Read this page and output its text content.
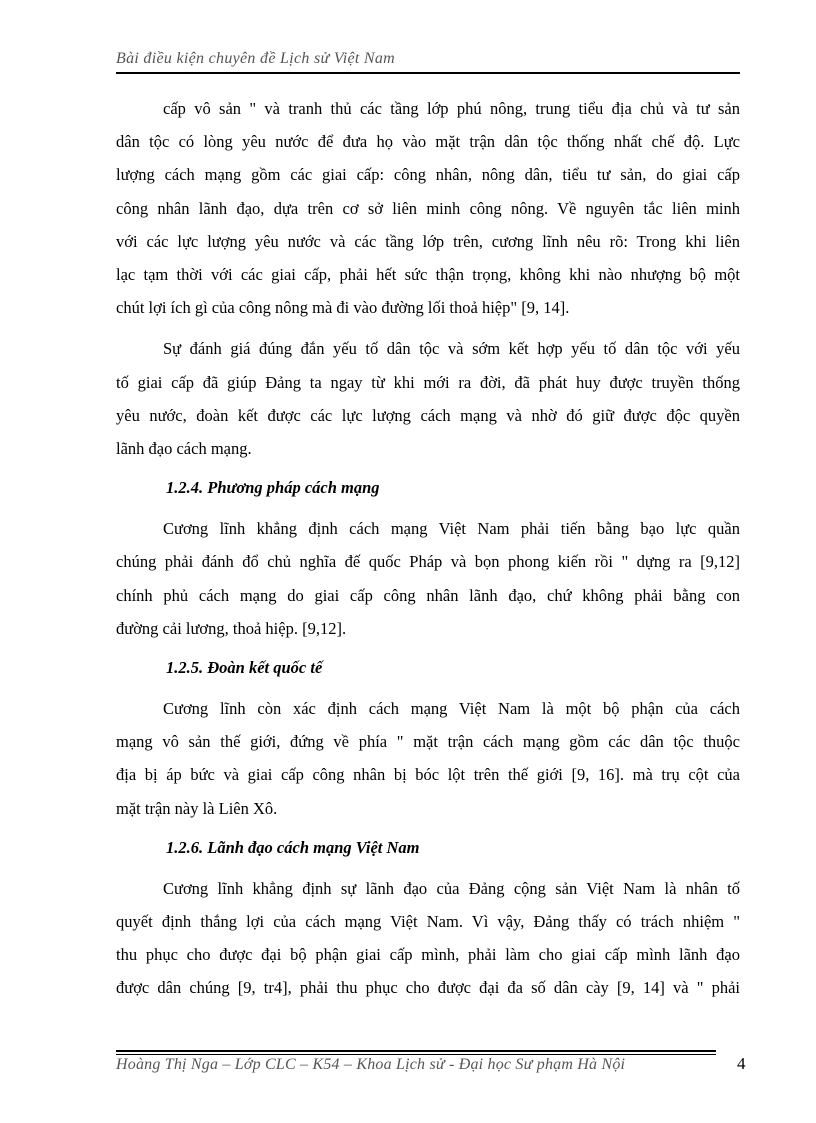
Bài điều kiện chuyên đề Lịch sử Việt Nam

cấp vô sản " và tranh thủ các tầng lớp phú nông, trung tiểu địa chủ và tư sản
dân tộc có lòng yêu nước để đưa họ vào mặt trận dân tộc thống nhất chế độ. Lực
lượng cách mạng gồm các giai cấp: công nhân, nông dân, tiểu tư sản, do giai cấp
công nhân lãnh đạo, dựa trên cơ sở liên minh công nông. Về nguyên tắc liên minh
với các lực lượng yêu nước và các tầng lớp trên, cương lĩnh nêu rõ: Trong khi liên
lạc tạm thời với các giai cấp, phải hết sức thận trọng, không khi nào nhượng bộ một
chút lợi ích gì của công nông mà đi vào đường lối thoả hiệp" [9, 14].

Sự đánh giá đúng đắn yếu tố dân tộc và sớm kết hợp yếu tố dân tộc với yếu
tố giai cấp đã giúp Đảng ta ngay từ khi mới ra đời, đã phát huy được truyền thống
yêu nước, đoàn kết được các lực lượng cách mạng và nhờ đó giữ được độc quyền
lãnh đạo cách mạng.

1.2.4. Phương pháp cách mạng

Cương lĩnh khẳng định cách mạng Việt Nam phải tiến bằng bạo lực quần
chúng phải đánh đổ chủ nghĩa đế quốc Pháp và bọn phong kiến rồi " dựng ra [9,12]
chính phủ cách mạng do giai cấp công nhân lãnh đạo, chứ không phải bằng con
đường cải lương, thoả hiệp. [9,12].

1.2.5. Đoàn kết quốc tế

Cương lĩnh còn xác định cách mạng Việt Nam là một bộ phận của cách
mạng vô sản thế giới, đứng về phía " mặt trận cách mạng gồm các dân tộc thuộc
địa bị áp bức và giai cấp công nhân bị bóc lột trên thế giới [9, 16]. mà trụ cột của
mặt trận này là Liên Xô.

1.2.6. Lãnh đạo cách mạng Việt Nam

Cương lĩnh khẳng định sự lãnh đạo của Đảng cộng sản Việt Nam là nhân tố
quyết định thắng lợi của cách mạng Việt Nam. Vì vậy, Đảng thấy có trách nhiệm "
thu phục cho được đại bộ phận giai cấp mình, phải làm cho giai cấp mình lãnh đạo
được dân chúng [9, tr4], phải thu phục cho được đại đa số dân cày [9, 14] và " phải

Hoàng Thị Nga – Lớp CLC – K54 – Khoa Lịch sử - Đại học Sư phạm Hà Nội	4
